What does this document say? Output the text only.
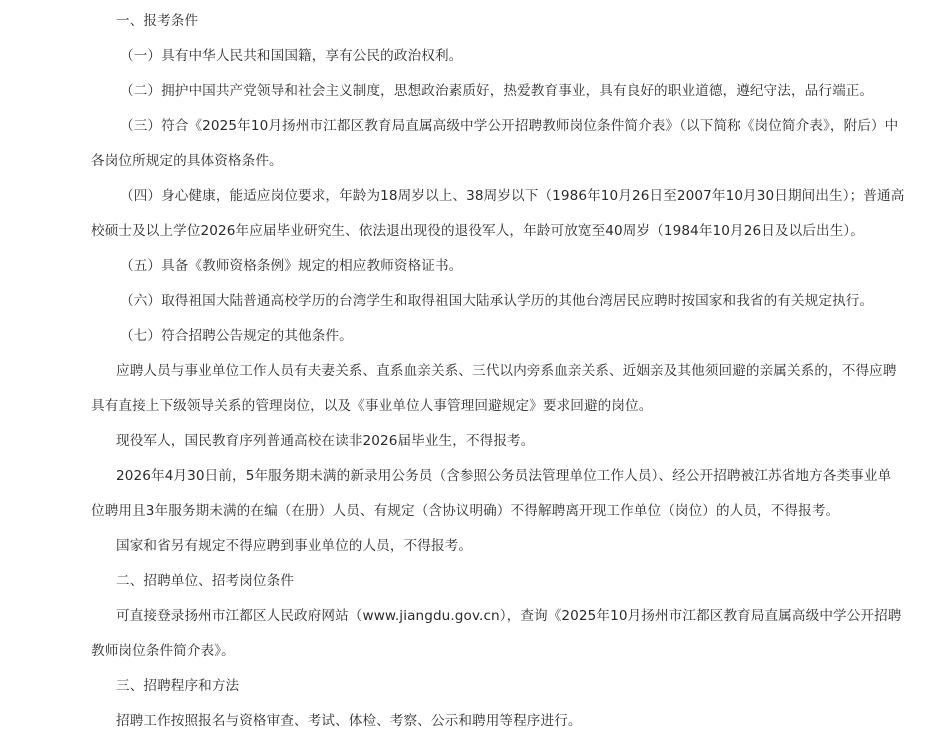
一、报考条件
（一）具有中华人民共和国国籍，享有公民的政治权利。
（二）拥护中国共产党领导和社会主义制度，思想政治素质好，热爱教育事业，具有良好的职业道德，遵纪守法，品行端正。
（三）符合《2025年10月扬州市江都区教育局直属高级中学公开招聘教师岗位条件简介表》（以下简称《岗位简介表》，附后）中
各岗位所规定的具体资格条件。
（四）身心健康，能适应岗位要求，年龄为18周岁以上、38周岁以下（1986年10月26日至2007年10月30日期间出生）；普通高
校硕士及以上学位2026年应届毕业研究生、依法退出现役的退役军人，年龄可放宽至40周岁（1984年10月26日及以后出生）。
（五）具备《教师资格条例》规定的相应教师资格证书。
（六）取得祖国大陆普通高校学历的台湾学生和取得祖国大陆承认学历的其他台湾居民应聘时按国家和我省的有关规定执行。
（七）符合招聘公告规定的其他条件。
应聘人员与事业单位工作人员有夫妻关系、直系血亲关系、三代以内旁系血亲关系、近姻亲及其他须回避的亲属关系的，不得应聘
具有直接上下级领导关系的管理岗位，以及《事业单位人事管理回避规定》要求回避的岗位。
现役军人，国民教育序列普通高校在读非2026届毕业生，不得报考。
2026年4月30日前，5年服务期未满的新录用公务员（含参照公务员法管理单位工作人员）、经公开招聘被江苏省地方各类事业单
位聘用且3年服务期未满的在编（在册）人员、有规定（含协议明确）不得解聘离开现工作单位（岗位）的人员，不得报考。
国家和省另有规定不得应聘到事业单位的人员，不得报考。
二、招聘单位、招考岗位条件
可直接登录扬州市江都区人民政府网站（www.jiangdu.gov.cn），查询《2025年10月扬州市江都区教育局直属高级中学公开招聘
教师岗位条件简介表》。
三、招聘程序和方法
招聘工作按照报名与资格审查、考试、体检、考察、公示和聘用等程序进行。
